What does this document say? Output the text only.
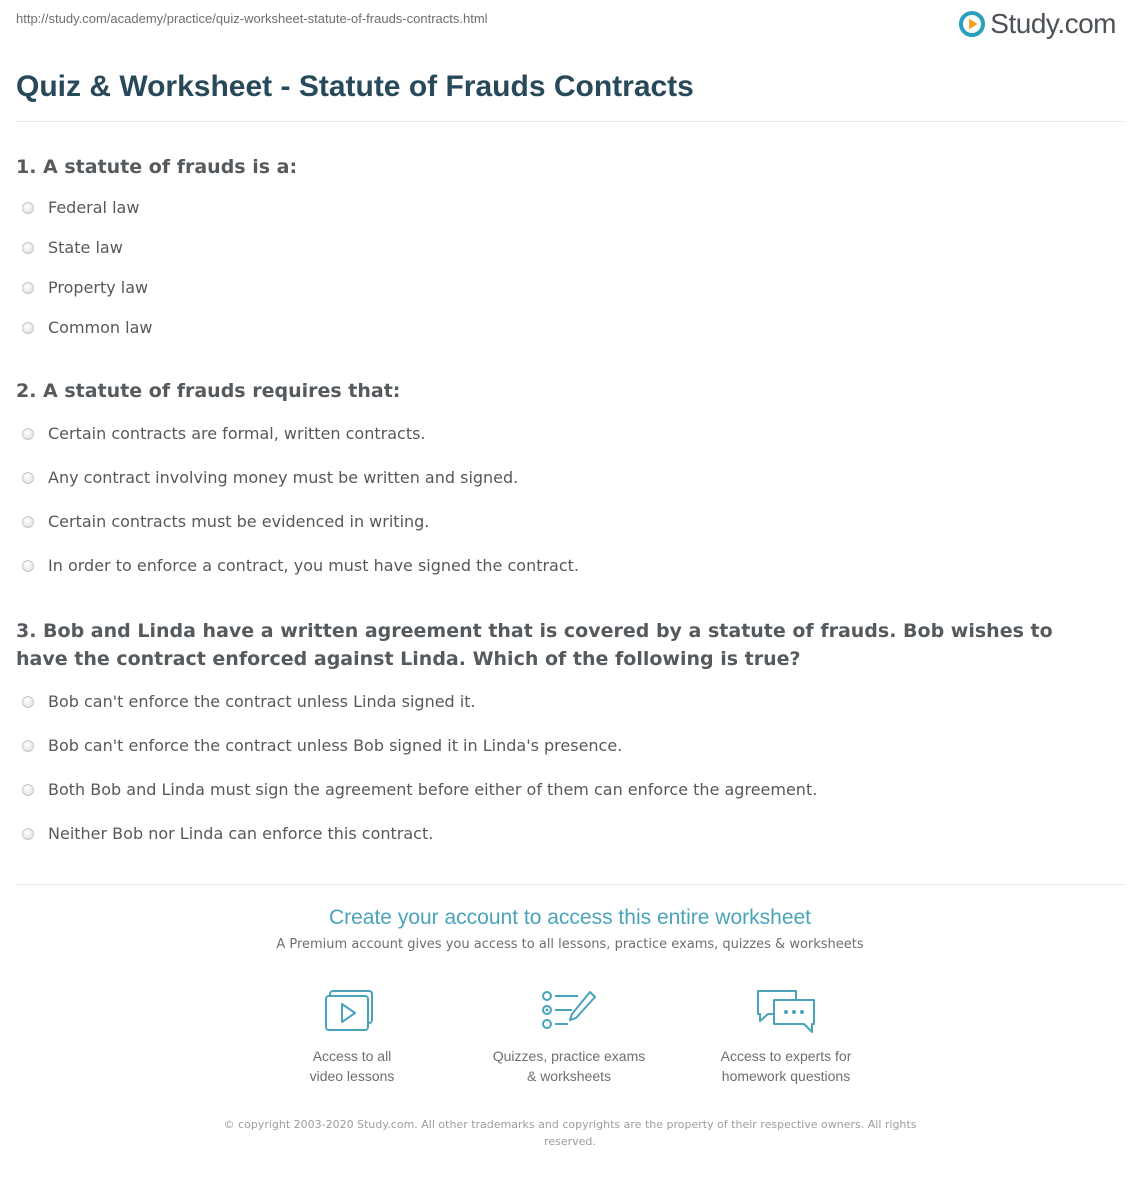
http://study.com/academy/practice/quiz-worksheet-statute-of-frauds-contracts.html	Study.com
Quiz & Worksheet - Statute of Frauds Contracts
1. A statute of frauds is a:
Federal law
State law
Property law
Common law
2. A statute of frauds requires that:
Certain contracts are formal, written contracts.
Any contract involving money must be written and signed.
Certain contracts must be evidenced in writing.
In order to enforce a contract, you must have signed the contract.
3. Bob and Linda have a written agreement that is covered by a statute of frauds. Bob wishes to have the contract enforced against Linda. Which of the following is true?
Bob can't enforce the contract unless Linda signed it.
Bob can't enforce the contract unless Bob signed it in Linda's presence.
Both Bob and Linda must sign the agreement before either of them can enforce the agreement.
Neither Bob nor Linda can enforce this contract.
Create your account to access this entire worksheet
A Premium account gives you access to all lessons, practice exams, quizzes & worksheets
Access to all
video lessons
Quizzes, practice exams
& worksheets
Access to experts for
homework questions
© copyright 2003-2020 Study.com. All other trademarks and copyrights are the property of their respective owners. All rights reserved.
